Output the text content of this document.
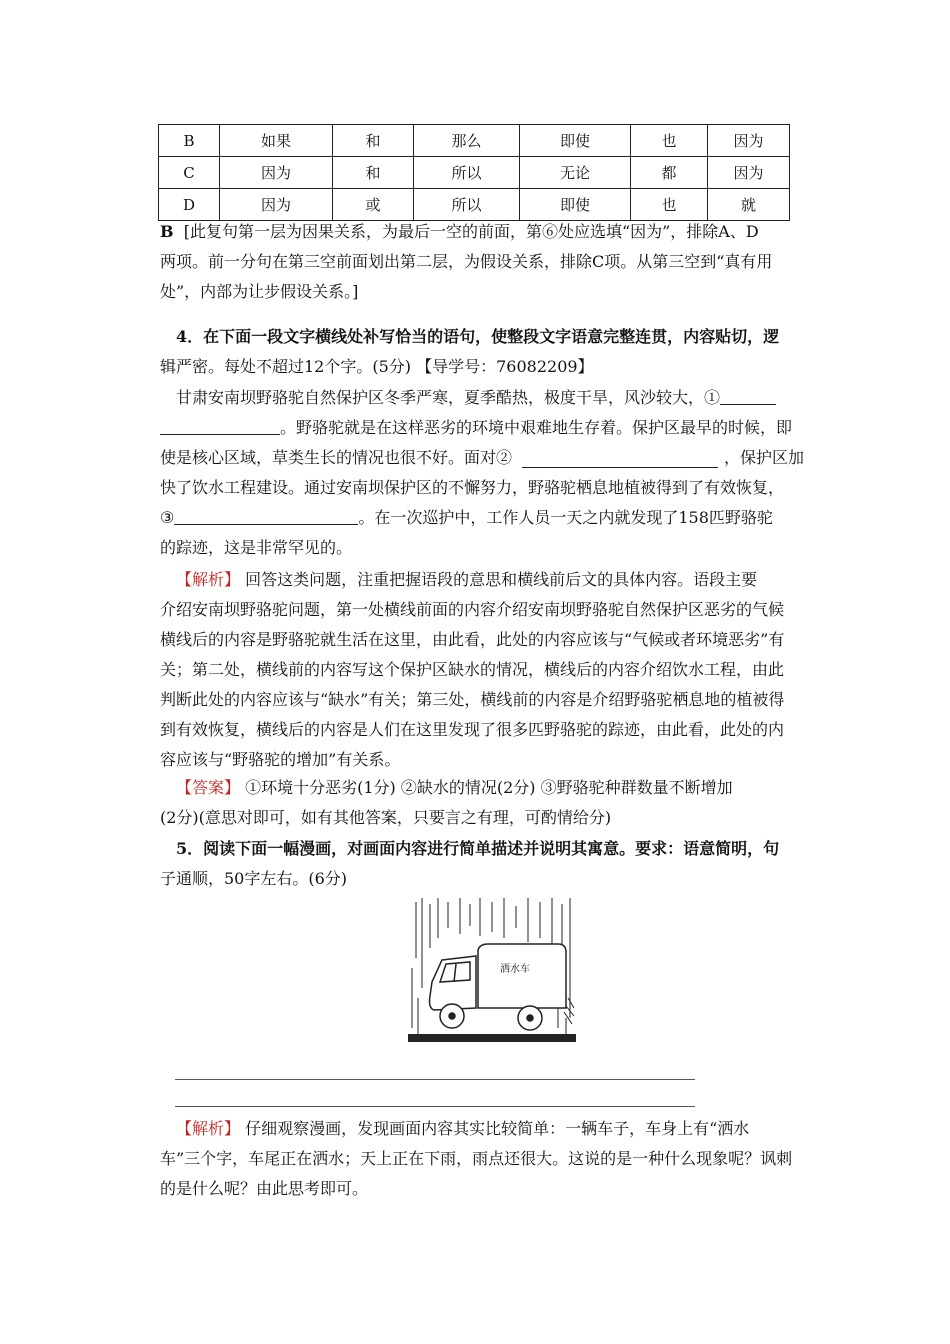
B	如果	和	那么	即使	也	因为
C	因为	和	所以	无论	都	因为
D	因为	或	所以	即使	也	就
B [此复句第一层为因果关系，为最后一空的前面，第⑥处应选填“因为”，排除A、D
两项。前一分句在第三空前面划出第二层，为假设关系，排除C项。从第三空到“真有用
处”，内部为让步假设关系。]
4．在下面一段文字横线处补写恰当的语句，使整段文字语意完整连贯，内容贴切，逻
辑严密。每处不超过12个字。(5分) 【导学号：76082209】
甘肃安南坝野骆驼自然保护区冬季严寒，夏季酷热，极度干旱，风沙较大，①
。野骆驼就是在这样恶劣的环境中艰难地生存着。保护区最早的时候，即
使是核心区域，草类生长的情况也很不好。面对②	，保护区加
快了饮水工程建设。通过安南坝保护区的不懈努力，野骆驼栖息地植被得到了有效恢复，
③	。在一次巡护中，工作人员一天之内就发现了158匹野骆驼
的踪迹，这是非常罕见的。
【解析】 回答这类问题，注重把握语段的意思和横线前后文的具体内容。语段主要
介绍安南坝野骆驼问题，第一处横线前面的内容介绍安南坝野骆驼自然保护区恶劣的气候
横线后的内容是野骆驼就生活在这里，由此看，此处的内容应该与“气候或者环境恶劣”有
关；第二处，横线前的内容写这个保护区缺水的情况，横线后的内容介绍饮水工程，由此
判断此处的内容应该与“缺水”有关；第三处，横线前的内容是介绍野骆驼栖息地的植被得
到有效恢复，横线后的内容是人们在这里发现了很多匹野骆驼的踪迹，由此看，此处的内
容应该与“野骆驼的增加”有关系。
【答案】 ①环境十分恶劣(1分) ②缺水的情况(2分) ③野骆驼种群数量不断增加
(2分)(意思对即可，如有其他答案，只要言之有理，可酌情给分)
5．阅读下面一幅漫画，对画面内容进行简单描述并说明其寓意。要求：语意简明，句
子通顺，50字左右。(6分)
洒水车
【解析】 仔细观察漫画，发现画面内容其实比较简单：一辆车子，车身上有“洒水
车”三个字，车尾正在洒水；天上正在下雨，雨点还很大。这说的是一种什么现象呢？讽刺
的是什么呢？由此思考即可。
